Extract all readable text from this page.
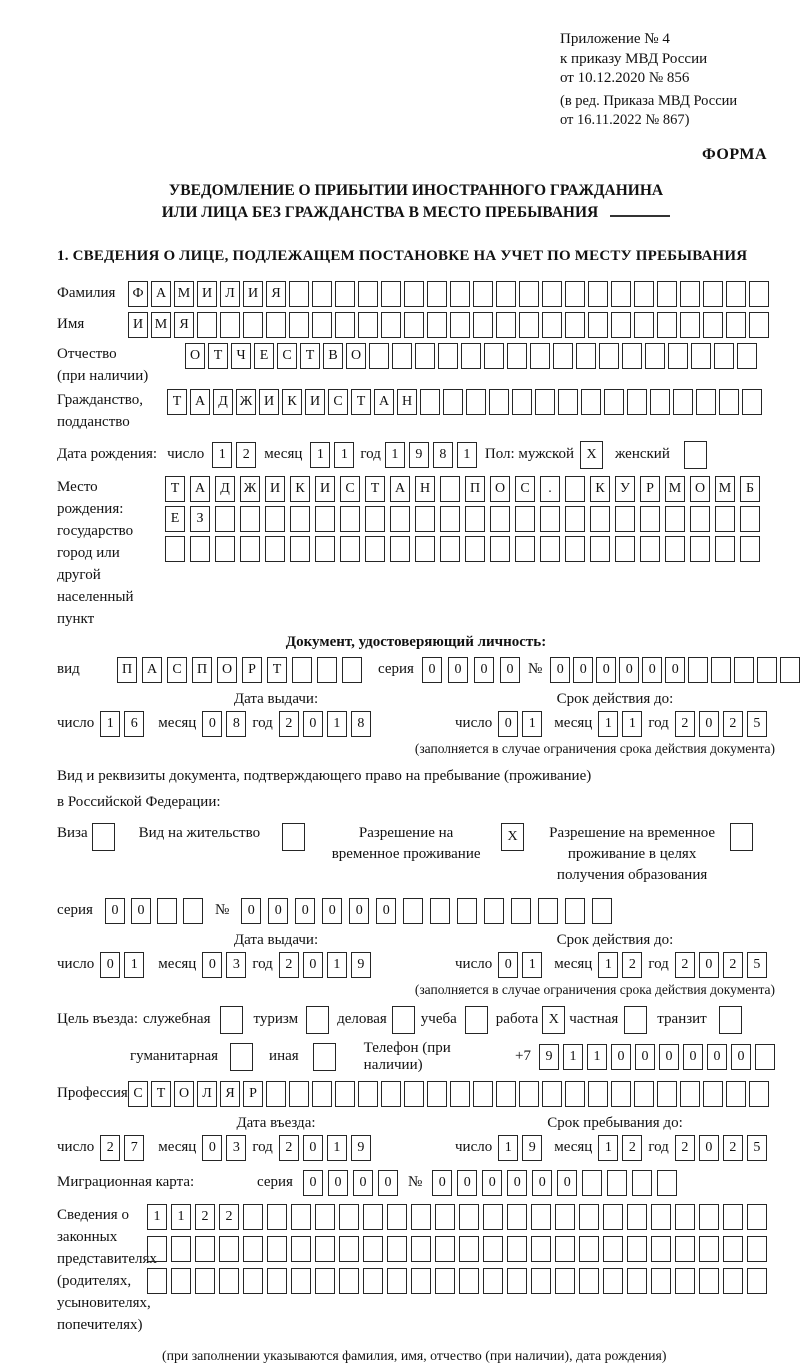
Приложение № 4
к приказу МВД России
от 10.12.2020 № 856
(в ред. Приказа МВД России
от 16.11.2022 № 867)
ФОРМА
УВЕДОМЛЕНИЕ О ПРИБЫТИИ ИНОСТРАННОГО ГРАЖДАНИНА
ИЛИ ЛИЦА БЕЗ ГРАЖДАНСТВА В МЕСТО ПРЕБЫВАНИЯ
1. СВЕДЕНИЯ О ЛИЦЕ, ПОДЛЕЖАЩЕМ ПОСТАНОВКЕ НА УЧЕТ ПО МЕСТУ ПРЕБЫВАНИЯ
Фамилия	Ф А М И Л И Я
Имя	И М Я
Отчество
(при наличии)
О Т	Ч	Е	С	Т	В О
Гражданство,
подданство
Т А Д Ж И К И С	Т А Н
Дата рождения: число	1	2 месяц	1	1 год 1	9	8	1 Пол: мужской X	женский
Место рождения:
государство
город или другой
населенный пункт
Т	А	Д Ж И	К	И	С	Т	А	Н	П	О	С	.	К	У	Р	М О М	Б
Е	З
Документ, удостоверяющий личность:
вид	П	А	С	П	О	Р	Т	серия	0	0	0	0 №	0	0	0	0	0	0
Дата выдачи:
число 1	6	месяц 0	8 год 2	0	1	8
Срок действия до:
число 0	1	месяц 1	1 год 2	0	2	5
(заполняется в случае ограничения срока действия документа)
Вид и реквизиты документа, подтверждающего право на пребывание (проживание)
в Российской Федерации:
Виза	Вид на жительство	Разрешение на временное проживание
X	Разрешение на временное проживание в целях получения образования
серия	0	0	№	0	0	0	0	0	0
Дата выдачи:
число 0	1	месяц 0	3 год 2	0	1	9
Срок действия до:
число 0	1	месяц 1	2 год 2	0	2	5
(заполняется в случае ограничения срока действия документа)
Цель въезда: служебная	туризм	деловая учеба	работа X частная	транзит
гуманитарная	иная
Телефон (при наличии)
+7	9	1	1	0	0	0	0	0	0
Профессия С	Т О Л Я	Р
Дата въезда:
число 2	7	месяц 0	3 год 2	0	1	9
Срок пребывания до:
число 1	9	месяц 1	2 год 2	0	2	5
Миграционная карта:	серия	0	0	0	0	№	0	0	0	0	0	0
Сведения о
законных
представителях
(родителях,
усыновителях,
попечителях)
1	1	2	2
(при заполнении указываются фамилия, имя, отчество (при наличии), дата рождения)
